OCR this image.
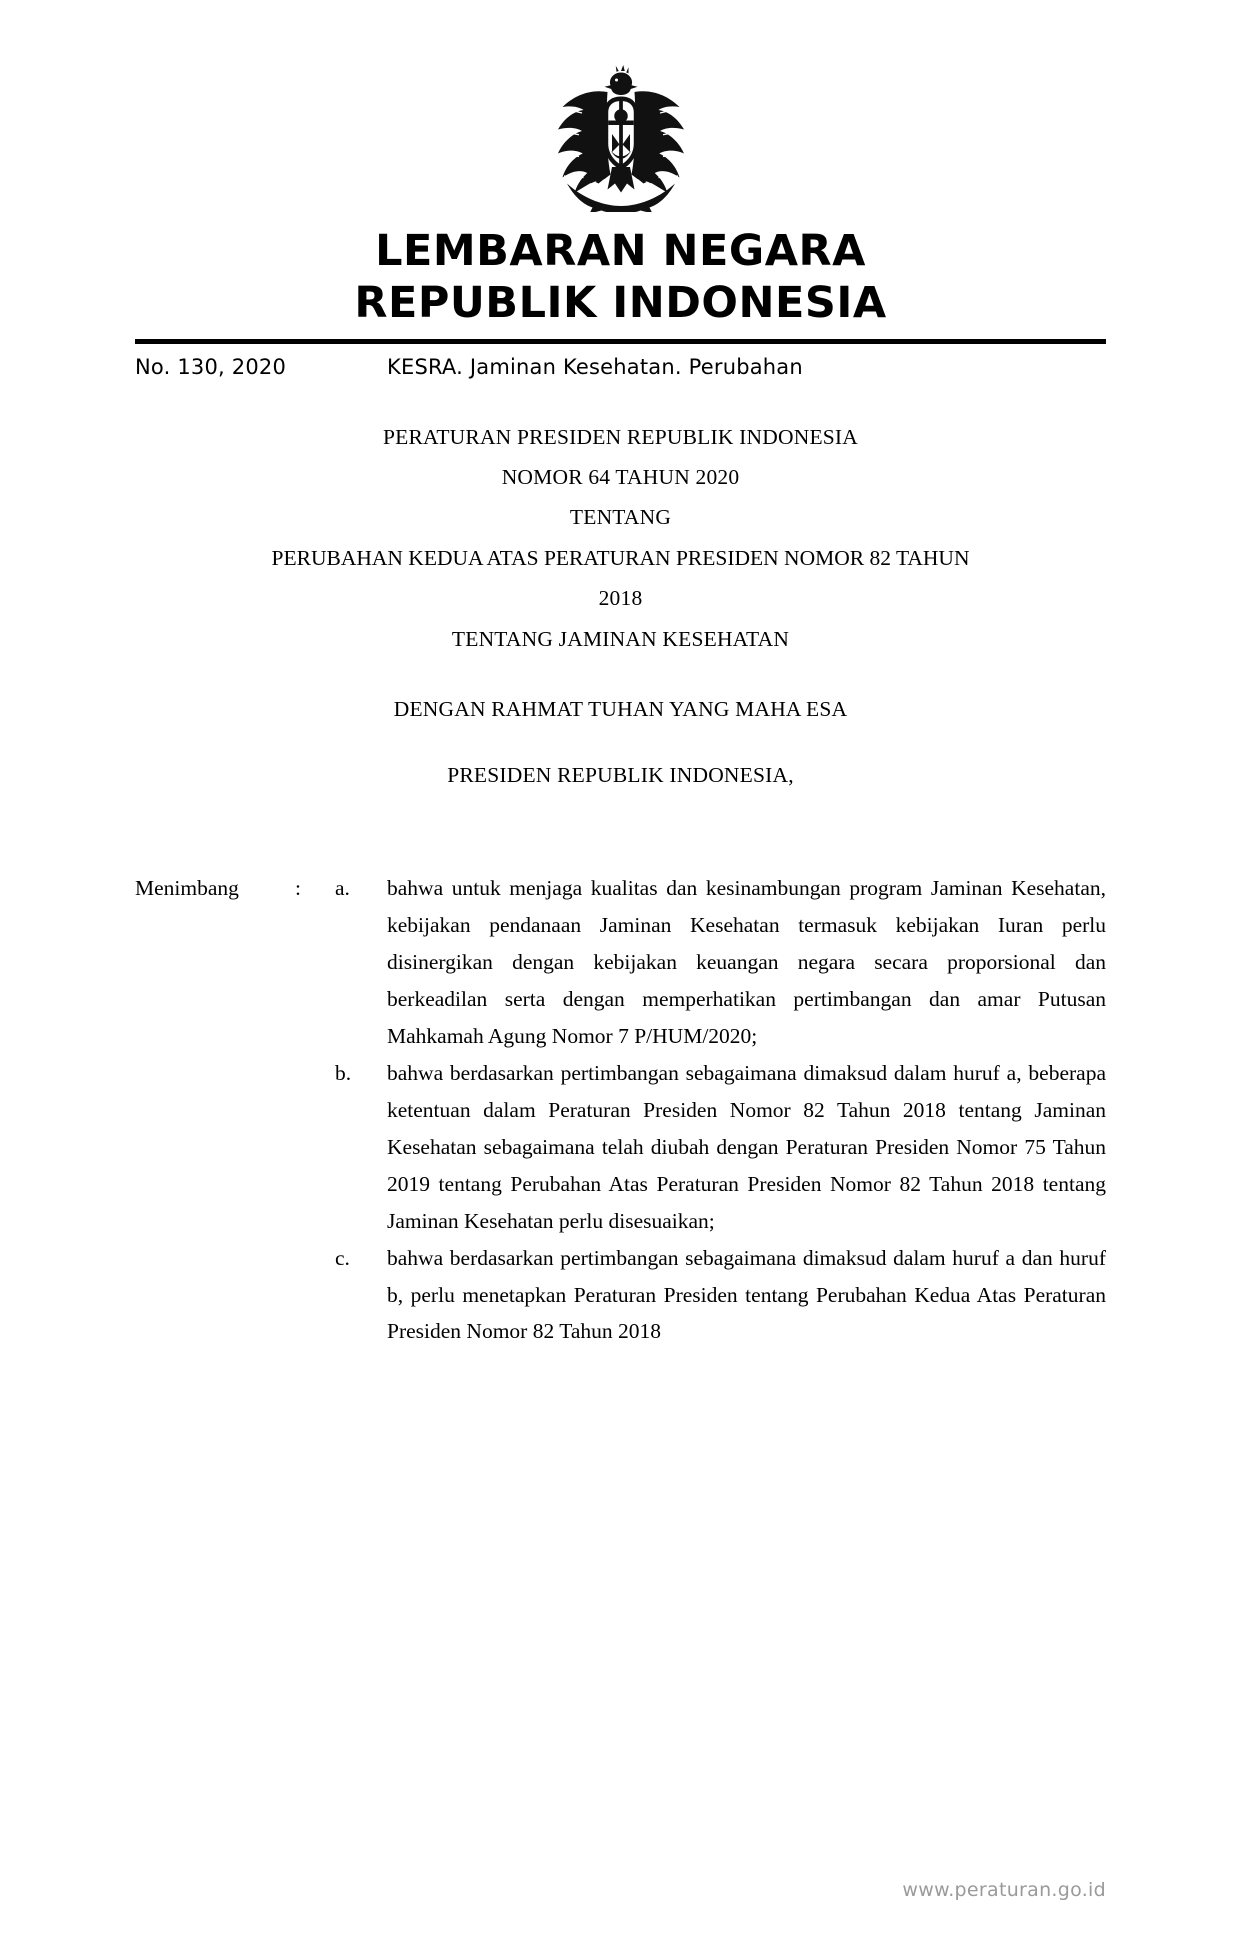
LEMBARAN NEGARA
REPUBLIK INDONESIA
No. 130, 2020	KESRA. Jaminan Kesehatan. Perubahan
PERATURAN PRESIDEN REPUBLIK INDONESIA
NOMOR 64 TAHUN 2020
TENTANG
PERUBAHAN KEDUA ATAS PERATURAN PRESIDEN NOMOR 82 TAHUN
2018
TENTANG JAMINAN KESEHATAN
DENGAN RAHMAT TUHAN YANG MAHA ESA
PRESIDEN REPUBLIK INDONESIA,
Menimbang	:	a.	bahwa untuk menjaga kualitas dan kesinambungan program Jaminan Kesehatan, kebijakan pendanaan Jaminan Kesehatan termasuk kebijakan Iuran perlu disinergikan dengan kebijakan keuangan negara secara proporsional dan berkeadilan serta dengan memperhatikan pertimbangan dan amar Putusan Mahkamah Agung Nomor 7 P/HUM/2020;
b.	bahwa berdasarkan pertimbangan sebagaimana dimaksud dalam huruf a, beberapa ketentuan dalam Peraturan Presiden Nomor 82 Tahun 2018 tentang Jaminan Kesehatan sebagaimana telah diubah dengan Peraturan Presiden Nomor 75 Tahun 2019 tentang Perubahan Atas Peraturan Presiden Nomor 82 Tahun 2018 tentang Jaminan Kesehatan perlu disesuaikan;
c.	bahwa berdasarkan pertimbangan sebagaimana dimaksud dalam huruf a dan huruf b, perlu menetapkan Peraturan Presiden tentang Perubahan Kedua Atas Peraturan Presiden Nomor 82 Tahun 2018
www.peraturan.go.id
